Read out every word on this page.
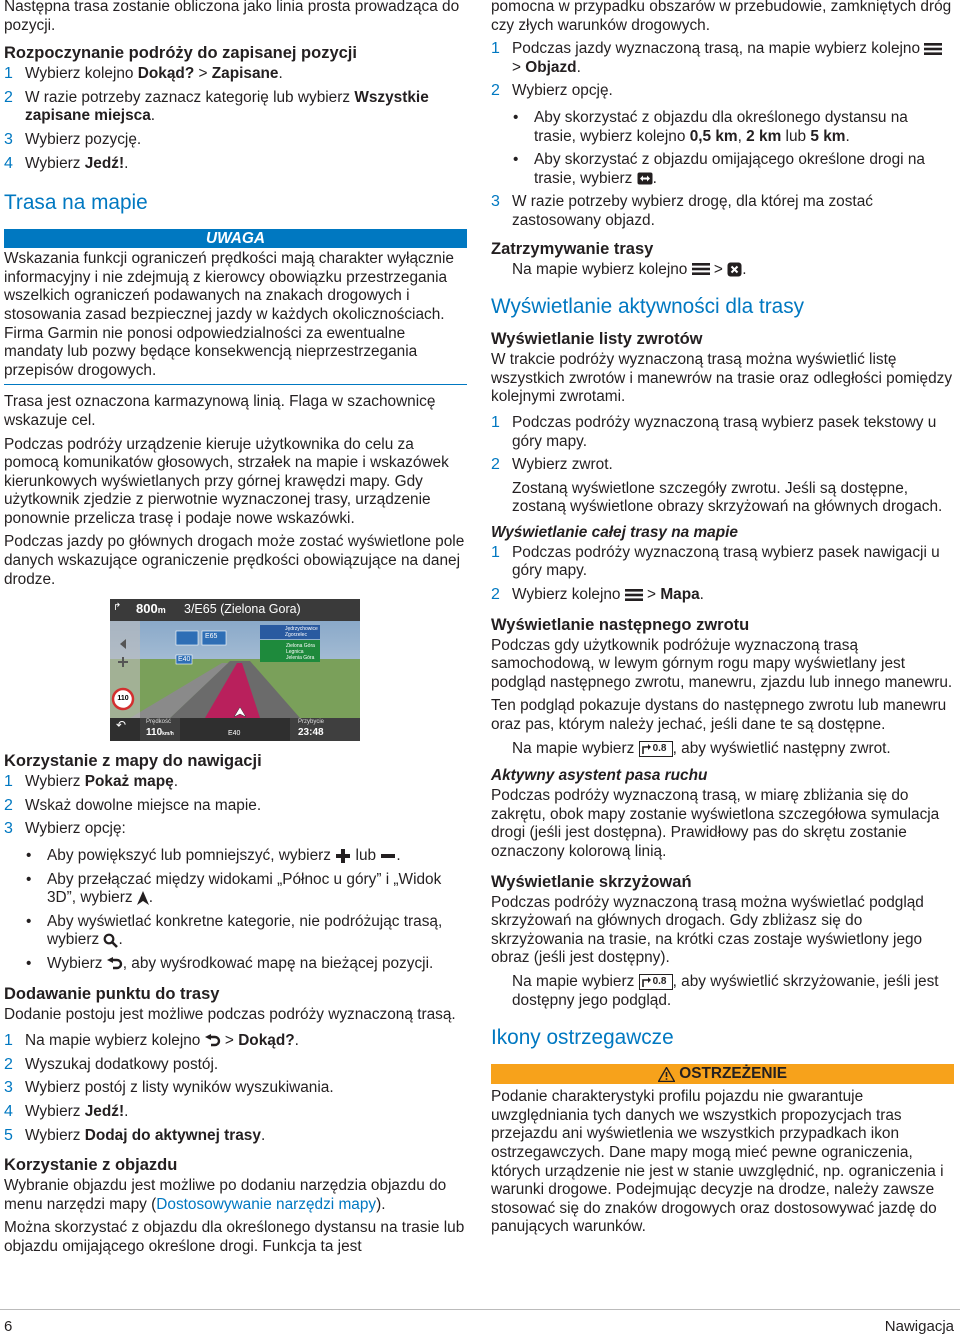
Następna trasa zostanie obliczona jako linia prosta prowadząca do pozycji.

Rozpoczynanie podróży do zapisanej pozycji
1 Wybierz kolejno Dokąd? > Zapisane.
2 W razie potrzeby zaznacz kategorię lub wybierz Wszystkie zapisane miejsca.
3 Wybierz pozycję.
4 Wybierz Jedź!.
Trasa na mapie
UWAGA
Wskazania funkcji ograniczeń prędkości mają charakter wyłącznie informacyjny i nie zdejmują z kierowcy obowiązku przestrzegania wszelkich ograniczeń podawanych na znakach drogowych i stosowania zasad bezpiecznej jazdy w każdych okolicznościach. Firma Garmin nie ponosi odpowiedzialności za ewentualne mandaty lub pozwy będące konsekwencją nieprzestrzegania przepisów drogowych.

Trasa jest oznaczona karmazynową linią. Flaga w szachownicę wskazuje cel.

Podczas podróży urządzenie kieruje użytkownika do celu za pomocą komunikatów głosowych, strzałek na mapie i wskazówek kierunkowych wyświetlanych przy górnej krawędzi mapy. Gdy użytkownik zjedzie z pierwotnie wyznaczonej trasy, urządzenie ponownie przelicza trasę i podaje nowe wskazówki.

Podczas jazdy po głównych drogach może zostać wyświetlone pole danych wskazujące ograniczenie prędkości obowiązujące na danej drodze.

↱
↶
800m 3/E65 (Zielona Gora)
E65
E40
Jędrzychowice
Zgorzelec
Zielona Góra
Legnica
Jelenia Góra
110
Prędkość
110km/h	E40
Przybycie
23:48
Korzystanie z mapy do nawigacji
1 Wybierz Pokaż mapę.
2 Wskaż dowolne miejsce na mapie.
3 Wybierz opcję:
• Aby powiększyć lub pomniejszyć, wybierz
lub
.
• Aby przełączać między widokami „Północ u góry” i „Widok 3D”, wybierz
.
• Aby wyświetlać konkretne kategorie, nie podróżując trasą, wybierz
.
• Wybierz
, aby wyśrodkować mapę na bieżącej pozycji.
Dodawanie punktu do trasy

Dodanie postoju jest możliwe podczas podróży wyznaczoną trasą.

1 Na mapie wybierz kolejno
> Dokąd?.
2 Wyszukaj dodatkowy postój.
3 Wybierz postój z listy wyników wyszukiwania.
4 Wybierz Jedź!.
5 Wybierz Dodaj do aktywnej trasy.
Korzystanie z objazdu

Wybranie objazdu jest możliwe po dodaniu narzędzia objazdu do menu narzędzi mapy (Dostosowywanie narzędzi mapy).

Można skorzystać z objazdu dla określonego dystansu na trasie lub objazdu omijającego określone drogi. Funkcja ta jest

pomocna w przypadku obszarów w przebudowie, zamkniętych dróg czy złych warunków drogowych.

1 Podczas jazdy wyznaczoną trasą, na mapie wybierz kolejno
> Objazd.
2 Wybierz opcję.
• Aby skorzystać z objazdu dla określonego dystansu na trasie, wybierz kolejno 0,5 km, 2 km lub 5 km.
• Aby skorzystać z objazdu omijającego określone drogi na trasie, wybierz
.
3 W razie potrzeby wybierz drogę, dla której ma zostać zastosowany objazd.
Zatrzymywanie trasy

Na mapie wybierz kolejno
>
.

Wyświetlanie aktywności dla trasy
Wyświetlanie listy zwrotów

W trakcie podróży wyznaczoną trasą można wyświetlić listę wszystkich zwrotów i manewrów na trasie oraz odległości pomiędzy kolejnymi zwrotami.

1 Podczas podróży wyznaczoną trasą wybierz pasek tekstowy u góry mapy.
2 Wybierz zwrot.

Zostaną wyświetlone szczegóły zwrotu. Jeśli są dostępne, zostaną wyświetlone obrazy skrzyżowań na głównych drogach.

Wyświetlanie całej trasy na mapie
1 Podczas podróży wyznaczoną trasą wybierz pasek nawigacji u góry mapy.
2 Wybierz kolejno
> Mapa.
Wyświetlanie następnego zwrotu

Podczas gdy użytkownik podróżuje wyznaczoną trasą samochodową, w lewym górnym rogu mapy wyświetlany jest podgląd następnego zwrotu, manewru, zjazdu lub innego manewru.

Ten podgląd pokazuje dystans do następnego zwrotu lub manewru oraz pas, którym należy jechać, jeśli dane te są dostępne.

Na mapie wybierz 0.8 , aby wyświetlić następny zwrot.

Aktywny asystent pasa ruchu

Podczas podróży wyznaczoną trasą, w miarę zbliżania się do zakrętu, obok mapy zostanie wyświetlona szczegółowa symulacja drogi (jeśli jest dostępna). Prawidłowy pas do skrętu zostanie oznaczony kolorową linią.

Wyświetlanie skrzyżowań

Podczas podróży wyznaczoną trasą można wyświetlać podgląd skrzyżowań na głównych drogach. Gdy zbliżasz się do skrzyżowania na trasie, na krótki czas zostaje wyświetlony jego obraz (jeśli jest dostępny).

Na mapie wybierz 0.8 , aby wyświetlić skrzyżowanie, jeśli jest dostępny jego podgląd.

Ikony ostrzegawcze
OSTRZEŻENIE

Podanie charakterystyki profilu pojazdu nie gwarantuje uwzględniania tych danych we wszystkich propozycjach tras przejazdu ani wyświetlenia we wszystkich przypadkach ikon ostrzegawczych. Dane mapy mogą mieć pewne ograniczenia, których urządzenie nie jest w stanie uwzględnić, np. ograniczenia i warunki drogowe. Podejmując decyzje na drodze, należy zawsze stosować się do znaków drogowych oraz dostosowywać jazdę do panujących warunków.

6	Nawigacja
